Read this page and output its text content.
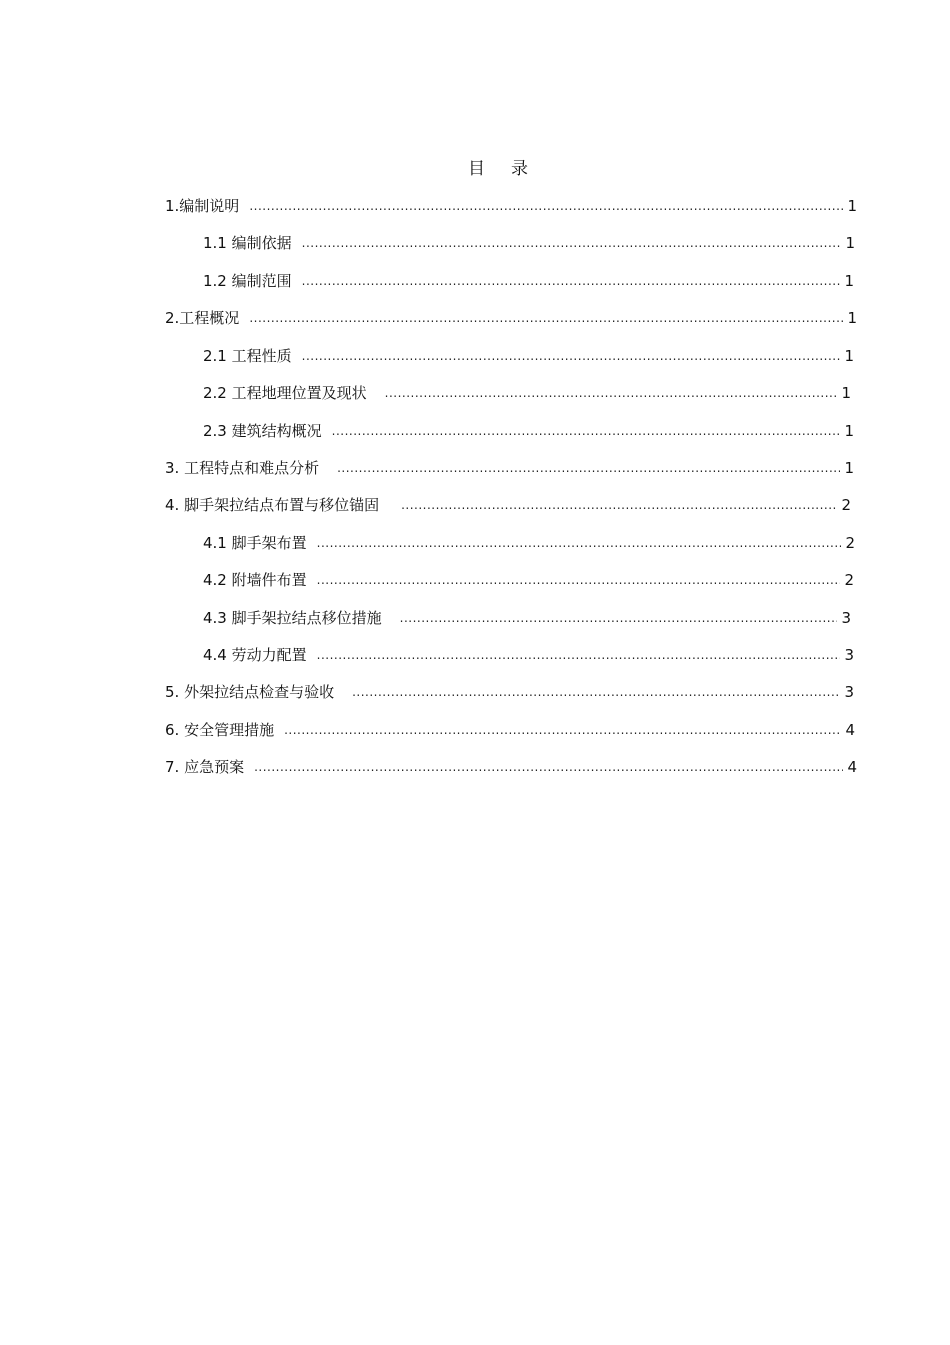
目 录
1.编制说明 .....	1
1.1 编制依据 .....	1
1.2 编制范围 .....	1
2.工程概况 .....	1
2.1 工程性质 .....	1
2.2 工程地理位置及现状 .....	1
2.3 建筑结构概况 .....	1
3. 工程特点和难点分析 .....	1
4. 脚手架拉结点布置与移位锚固 .....	2
4.1 脚手架布置 .....	2
4.2 附墙件布置 .....	2
4.3 脚手架拉结点移位措施 .....	3
4.4 劳动力配置 .....	3
5. 外架拉结点检查与验收 .....	3
6. 安全管理措施 .....	4
7. 应急预案 .....	4
